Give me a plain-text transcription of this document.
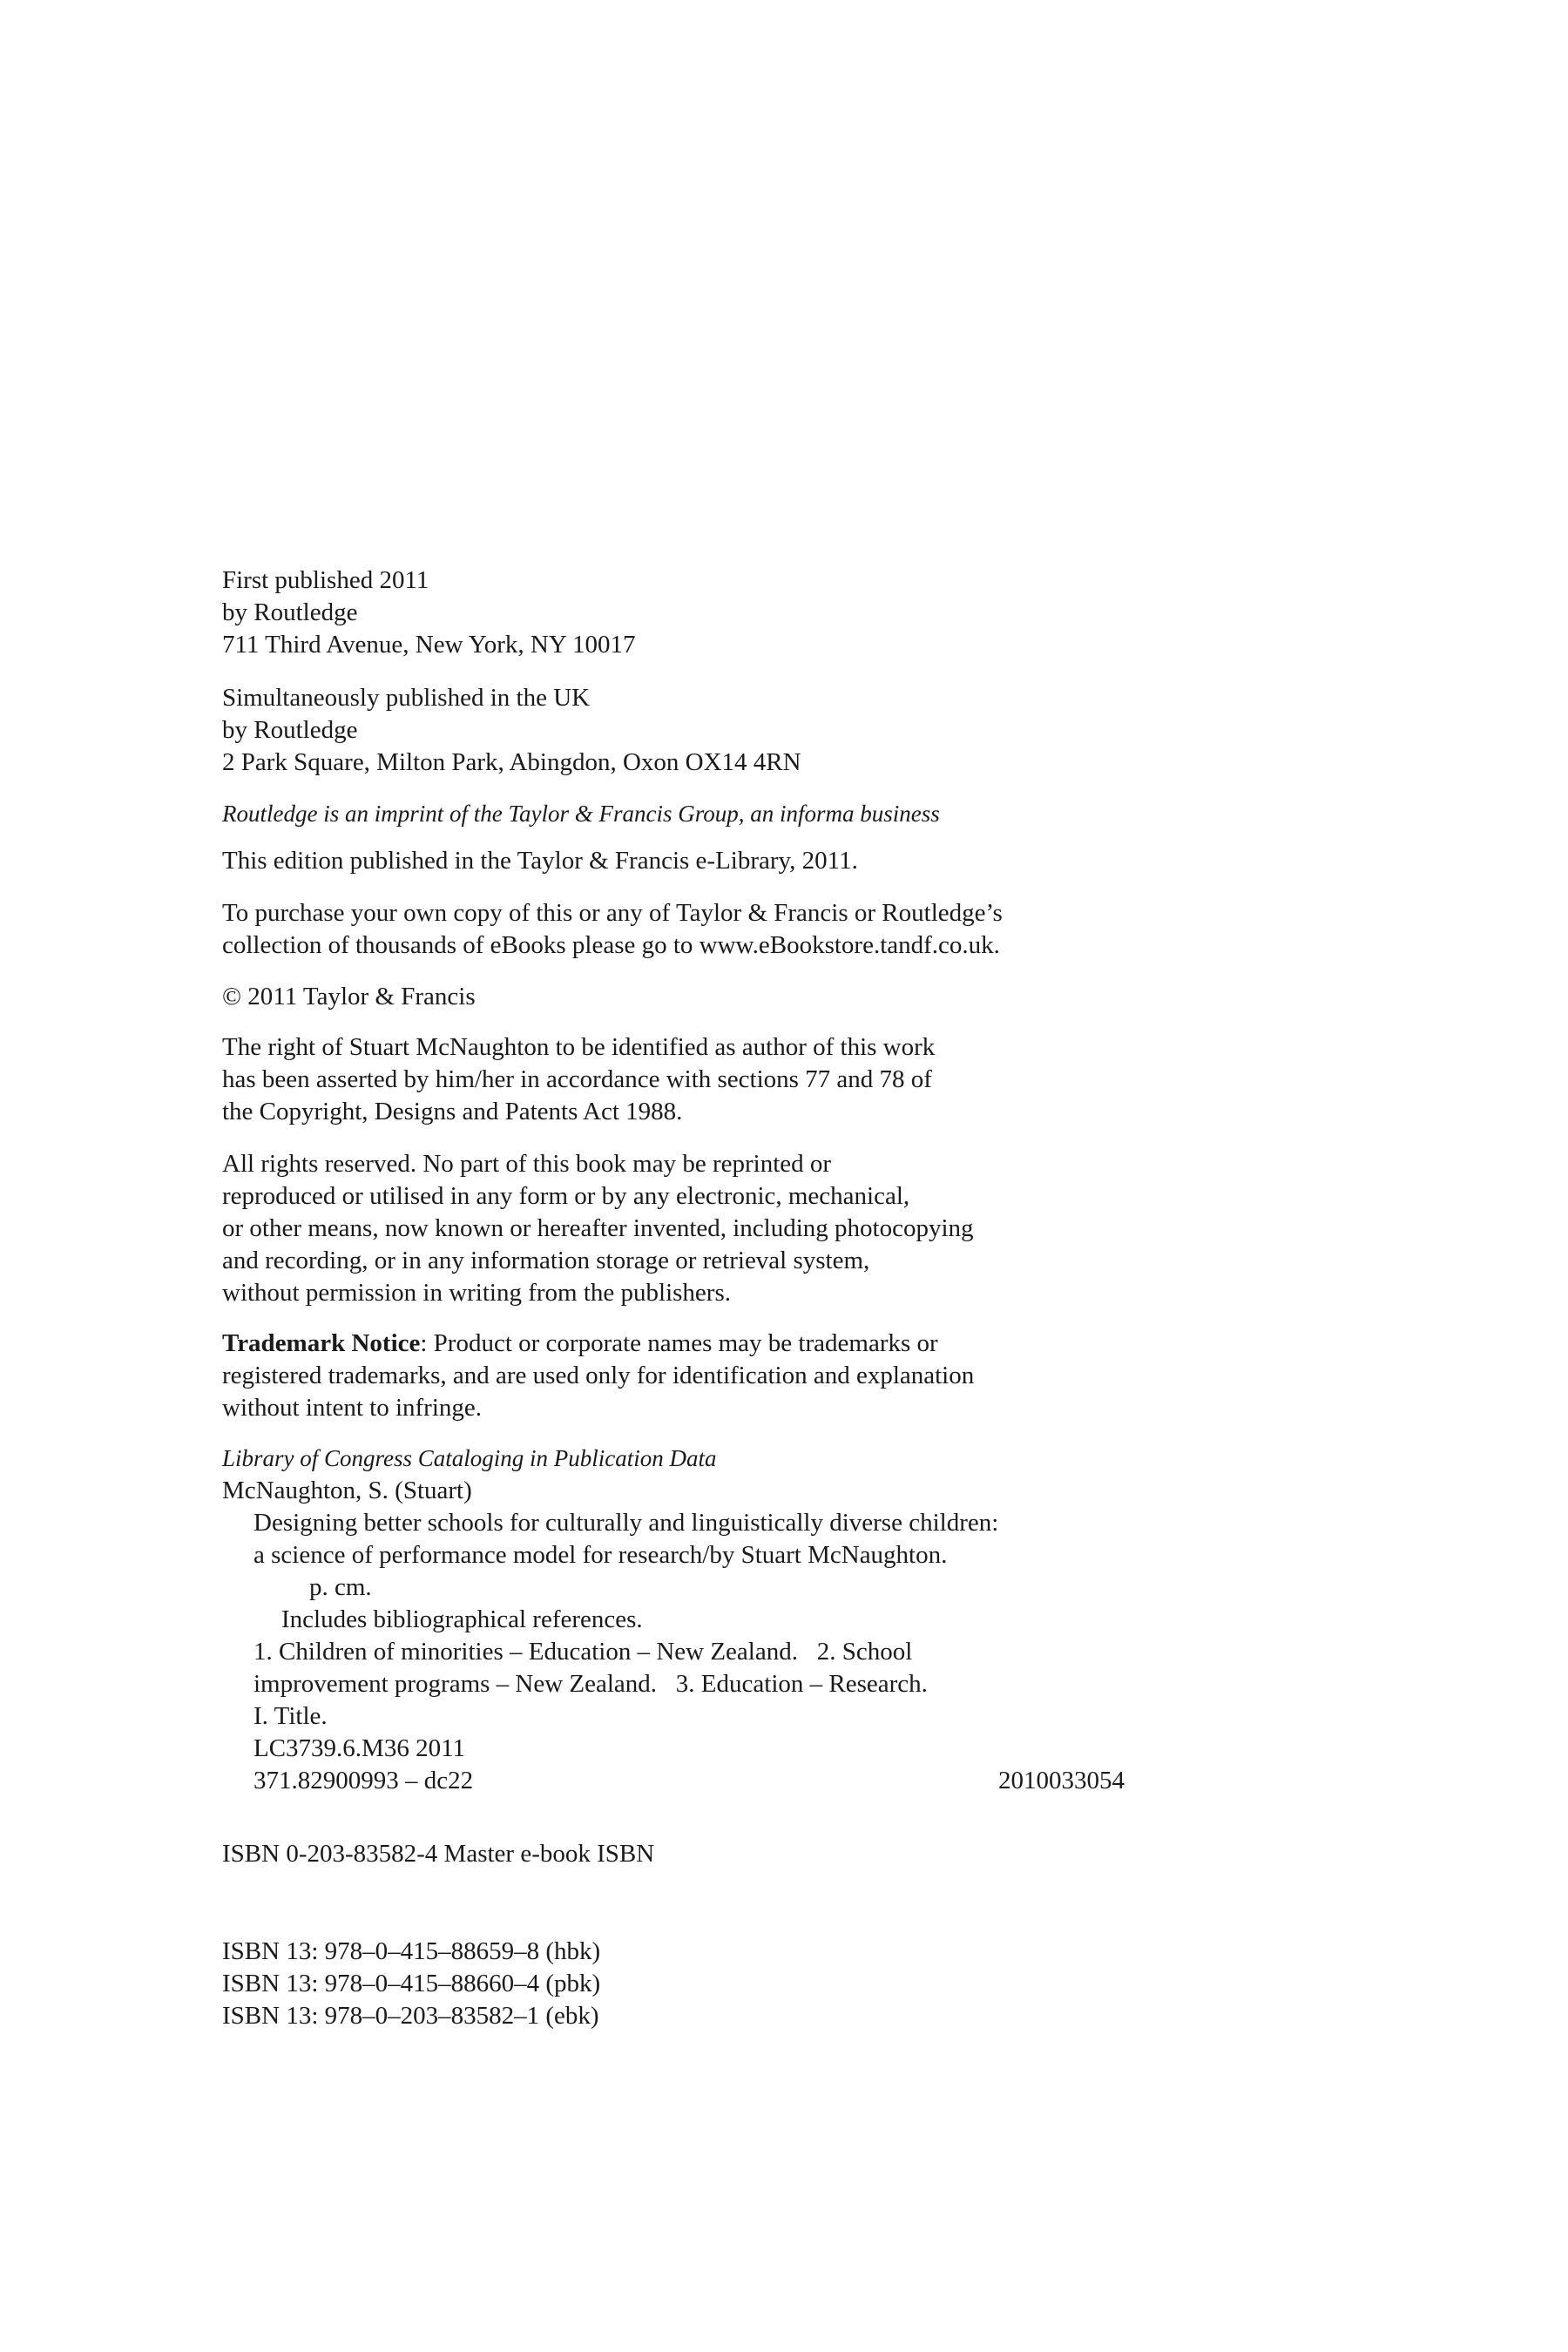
First published 2011
by Routledge
711 Third Avenue, New York, NY 10017
Simultaneously published in the UK
by Routledge
2 Park Square, Milton Park, Abingdon, Oxon OX14 4RN
Routledge is an imprint of the Taylor & Francis Group, an informa business
This edition published in the Taylor & Francis e-Library, 2011.
To purchase your own copy of this or any of Taylor & Francis or Routledge’s
collection of thousands of eBooks please go to www.eBookstore.tandf.co.uk.
© 2011 Taylor & Francis
The right of Stuart McNaughton to be identified as author of this work
has been asserted by him/her in accordance with sections 77 and 78 of
the Copyright, Designs and Patents Act 1988.
All rights reserved. No part of this book may be reprinted or
reproduced or utilised in any form or by any electronic, mechanical,
or other means, now known or hereafter invented, including photocopying
and recording, or in any information storage or retrieval system,
without permission in writing from the publishers.
Trademark Notice: Product or corporate names may be trademarks or
registered trademarks, and are used only for identification and explanation
without intent to infringe.
Library of Congress Cataloging in Publication Data
McNaughton, S. (Stuart)
Designing better schools for culturally and linguistically diverse children:
a science of performance model for research/by Stuart McNaughton.
p. cm.
Includes bibliographical references.
1. Children of minorities – Education – New Zealand.   2. School
improvement programs – New Zealand.   3. Education – Research.
I. Title.
LC3739.6.M36 2011
371.82900993 – dc22	2010033054
ISBN 0-203-83582-4 Master e-book ISBN
ISBN 13: 978–0–415–88659–8 (hbk)
ISBN 13: 978–0–415–88660–4 (pbk)
ISBN 13: 978–0–203–83582–1 (ebk)
